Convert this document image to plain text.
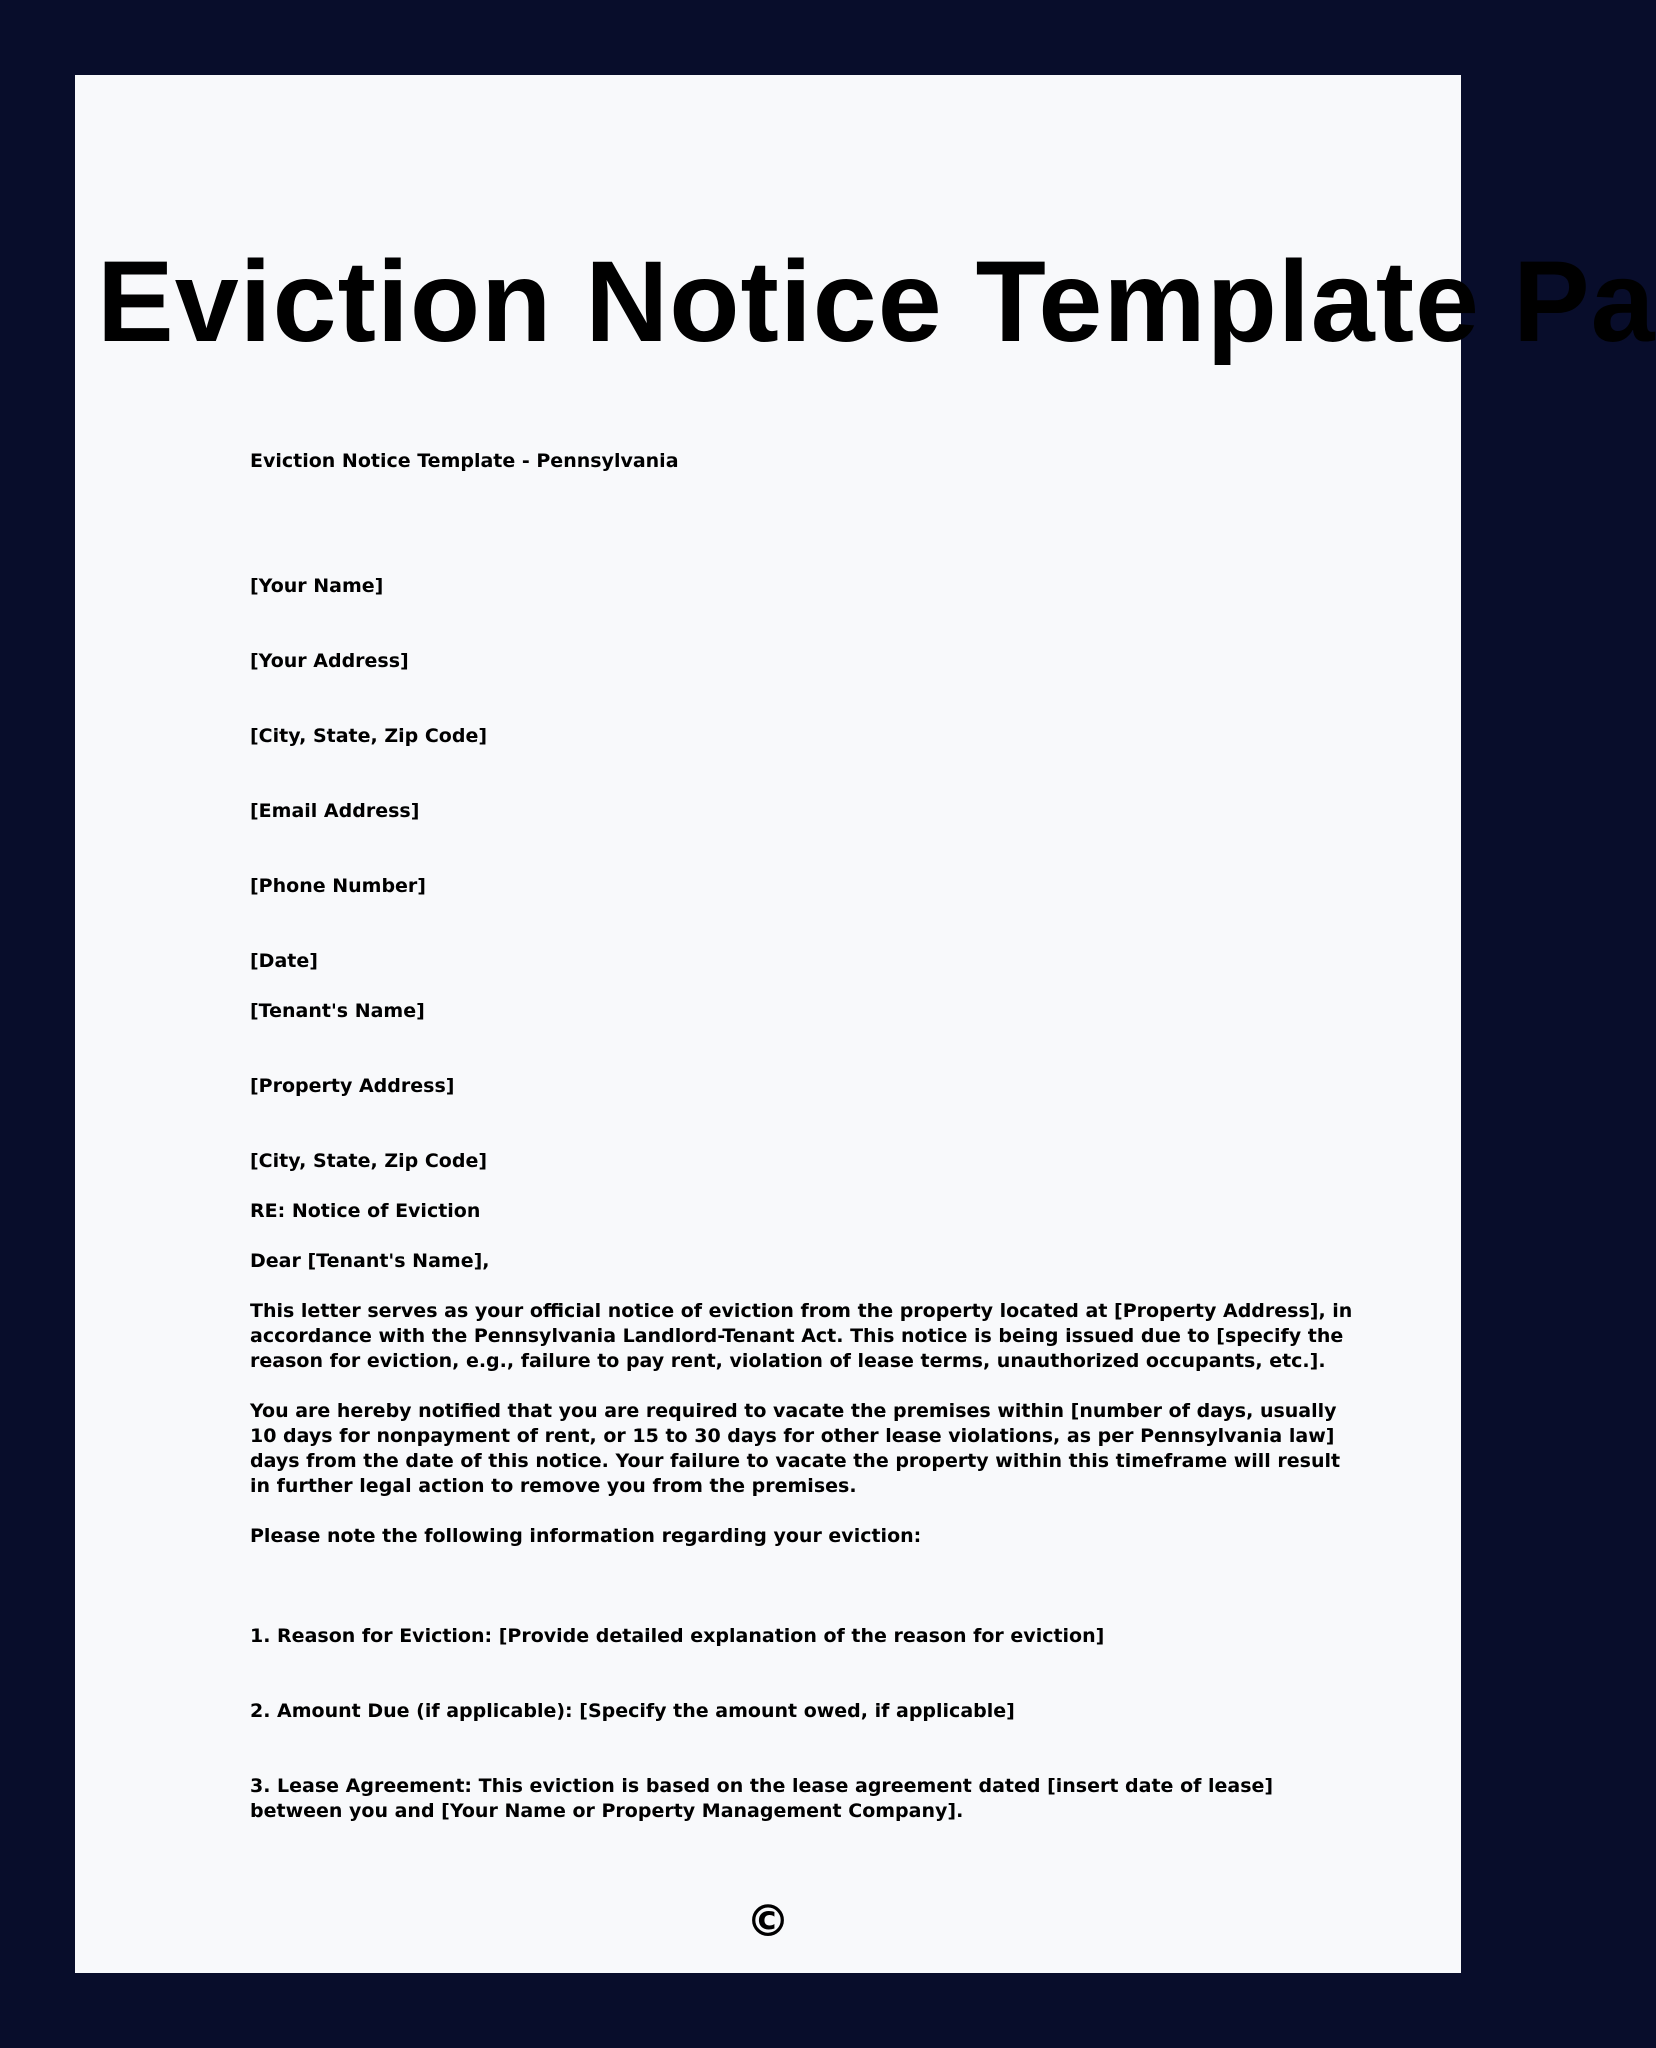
Eviction Notice Template Pa

Eviction Notice Template - Pennsylvania

[Your Name]

[Your Address]

[City, State, Zip Code]

[Email Address]

[Phone Number]

[Date]

[Tenant's Name]

[Property Address]

[City, State, Zip Code]

RE: Notice of Eviction

Dear [Tenant's Name],

This letter serves as your official notice of eviction from the property located at [Property Address], in accordance with the Pennsylvania Landlord-Tenant Act. This notice is being issued due to [specify the reason for eviction, e.g., failure to pay rent, violation of lease terms, unauthorized occupants, etc.].

You are hereby notified that you are required to vacate the premises within [number of days, usually 10 days for nonpayment of rent, or 15 to 30 days for other lease violations, as per Pennsylvania law] days from the date of this notice. Your failure to vacate the property within this timeframe will result in further legal action to remove you from the premises.

Please note the following information regarding your eviction:

1. Reason for Eviction: [Provide detailed explanation of the reason for eviction]

2. Amount Due (if applicable): [Specify the amount owed, if applicable]

3. Lease Agreement: This eviction is based on the lease agreement dated [insert date of lease] between you and [Your Name or Property Management Company].

©
